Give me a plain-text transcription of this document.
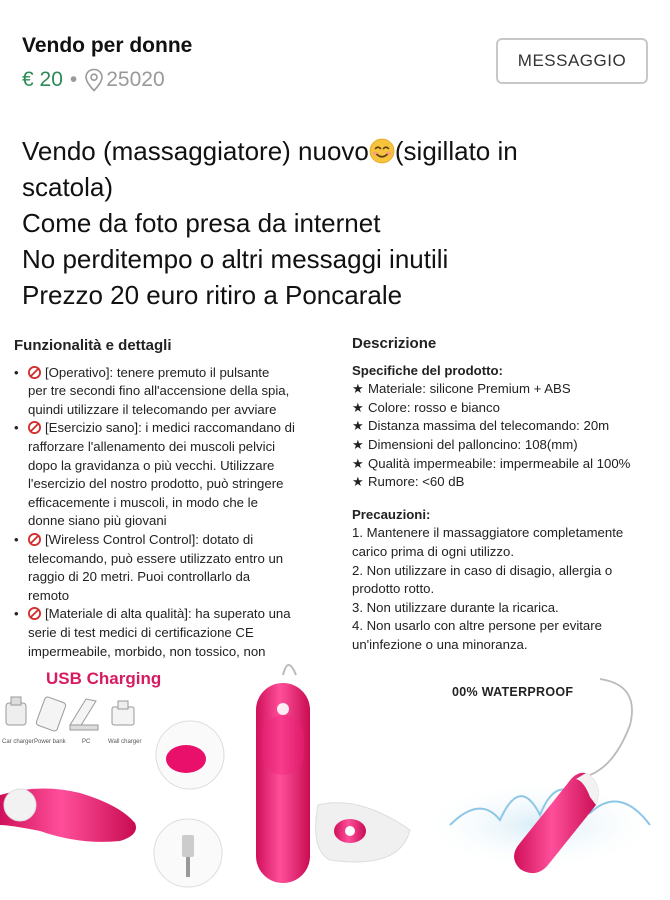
Vendo per donne
€ 20 • 25020
MESSAGGIO
Vendo (massaggiatore) nuovo (sigillato in
scatola)
Come da foto presa da internet
No perditempo o altri messaggi inutili
Prezzo 20 euro ritiro a Poncarale
Funzionalità e dettagli
•	[Operativo]: tenere premuto il pulsante
per tre secondi fino all'accensione della spia,
quindi utilizzare il telecomando per avviare
•	[Esercizio sano]: i medici raccomandano di
rafforzare l'allenamento dei muscoli pelvici
dopo la gravidanza o più vecchi. Utilizzare
l'esercizio del nostro prodotto, può stringere
efficacemente i muscoli, in modo che le
donne siano più giovani
•	[Wireless Control Control]: dotato di
telecomando, può essere utilizzato entro un
raggio di 20 metri. Puoi controllarlo da
remoto
•	[Materiale di alta qualità]: ha superato una
serie di test medici di certificazione CE
impermeabile, morbido, non tossico, non
Descrizione
Specifiche del prodotto:
★ Materiale: silicone Premium + ABS
★ Colore: rosso e bianco
★ Distanza massima del telecomando: 20m
★ Dimensioni del palloncino: 108(mm)
★ Qualità impermeabile: impermeabile al 100%
★ Rumore: <60 dB
Precauzioni:
1. Mantenere il massaggiatore completamente
carico prima di ogni utilizzo.
2. Non utilizzare in caso di disagio, allergia o
prodotto rotto.
3. Non utilizzare durante la ricarica.
4. Non usarlo con altre persone per evitare
un'infezione o una minoranza.
USB Charging
Car charger Power bank	PC	Wall charger
00% WATERPROOF
